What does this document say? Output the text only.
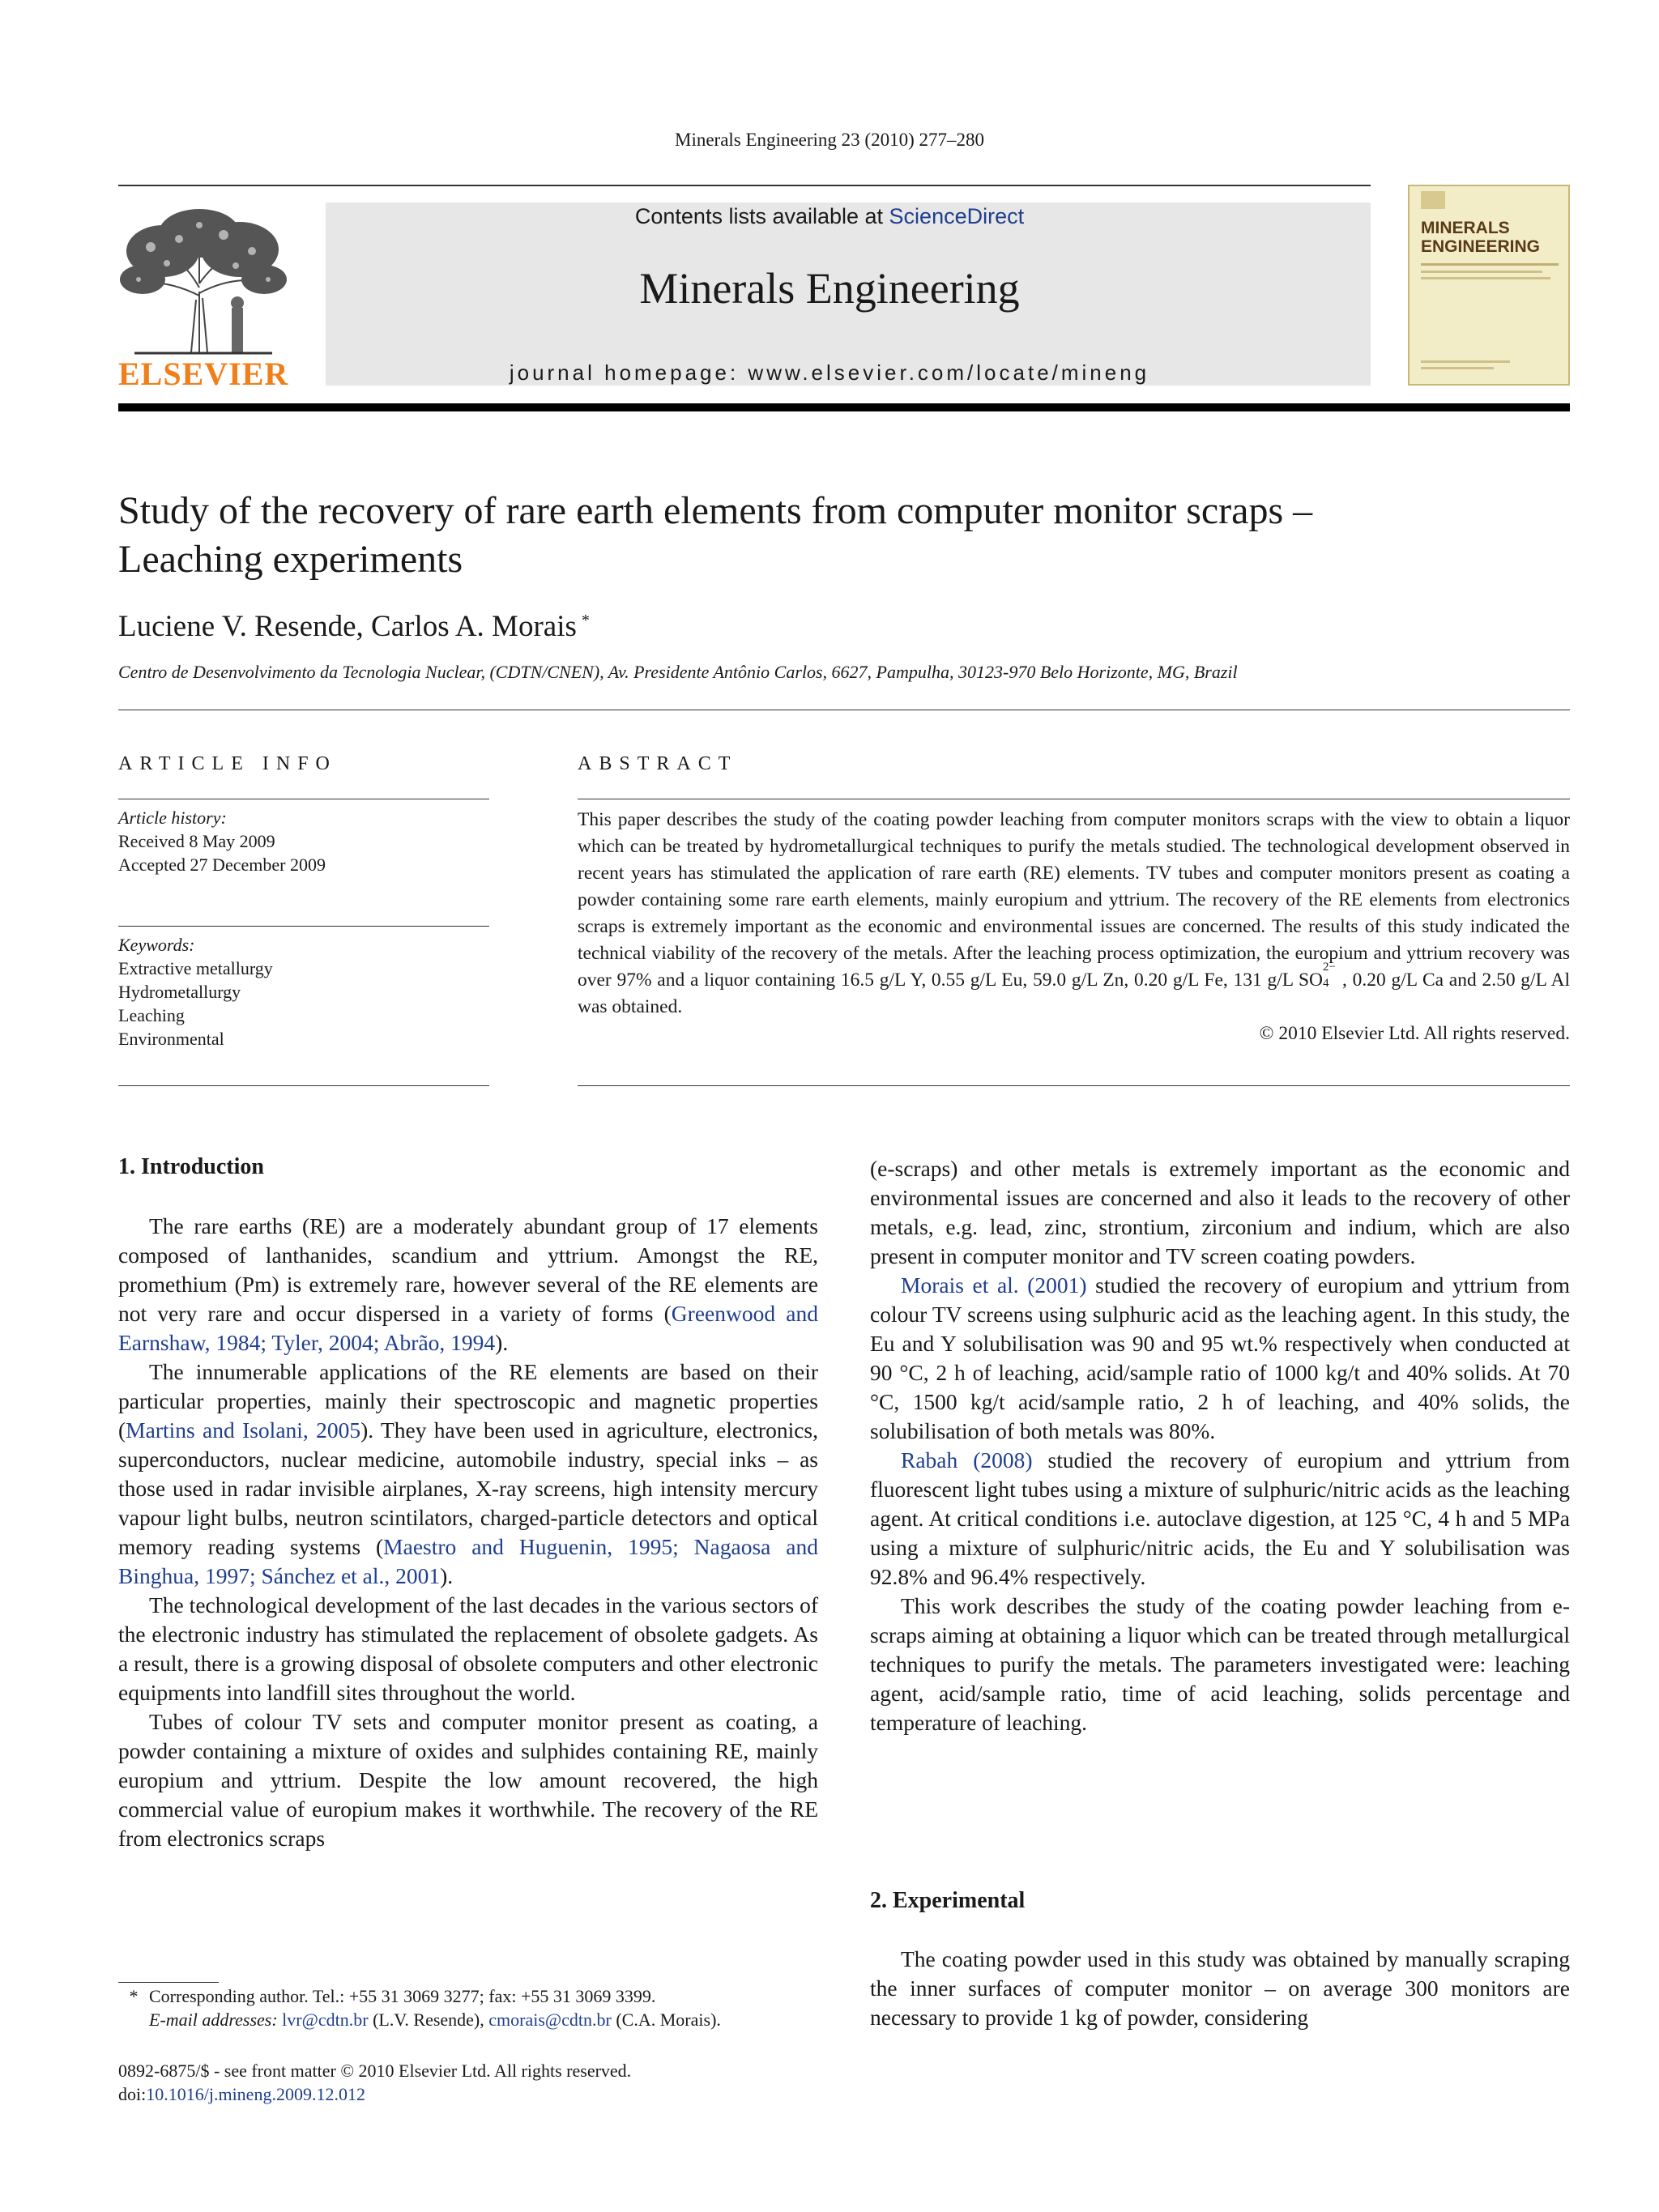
Minerals Engineering 23 (2010) 277–280
ELSEVIER
Contents lists available at ScienceDirect
Minerals Engineering
journal homepage: www.elsevier.com/locate/mineng
MINERALS ENGINEERING
Study of the recovery of rare earth elements from computer monitor scraps –
Leaching experiments
Luciene V. Resende, Carlos A. Morais *
Centro de Desenvolvimento da Tecnologia Nuclear, (CDTN/CNEN), Av. Presidente Antônio Carlos, 6627, Pampulha, 30123-970 Belo Horizonte, MG, Brazil
ARTICLE INFO
Article history:
Received 8 May 2009
Accepted 27 December 2009
Keywords:
Extractive metallurgy
Hydrometallurgy
Leaching
Environmental
ABSTRACT
This paper describes the study of the coating powder leaching from computer monitors scraps with the view to obtain a liquor which can be treated by hydrometallurgical techniques to purify the metals studied. The technological development observed in recent years has stimulated the application of rare earth (RE) elements. TV tubes and computer monitors present as coating a powder containing some rare earth elements, mainly europium and yttrium. The recovery of the RE elements from electronics scraps is extremely important as the economic and environmental issues are concerned. The results of this study indicated the technical viability of the recovery of the metals. After the leaching process optimization, the europium and yttrium recovery was over 97% and a liquor containing 16.5 g/L Y, 0.55 g/L Eu, 59.0 g/L Zn, 0.20 g/L Fe, 131 g/L SO
2−
4 , 0.20 g/L Ca and 2.50 g/L Al was obtained.
© 2010 Elsevier Ltd. All rights reserved.
1. Introduction

The rare earths (RE) are a moderately abundant group of 17 elements composed of lanthanides, scandium and yttrium. Amongst the RE, promethium (Pm) is extremely rare, however several of the RE elements are not very rare and occur dispersed in a variety of forms (Greenwood and Earnshaw, 1984; Tyler, 2004; Abrão, 1994).

The innumerable applications of the RE elements are based on their particular properties, mainly their spectroscopic and magnetic properties (Martins and Isolani, 2005). They have been used in agriculture, electronics, superconductors, nuclear medicine, automobile industry, special inks – as those used in radar invisible airplanes, X-ray screens, high intensity mercury vapour light bulbs, neutron scintilators, charged-particle detectors and optical memory reading systems (Maestro and Huguenin, 1995; Nagaosa and Binghua, 1997; Sánchez et al., 2001).

The technological development of the last decades in the various sectors of the electronic industry has stimulated the replacement of obsolete gadgets. As a result, there is a growing disposal of obsolete computers and other electronic equipments into landfill sites throughout the world.

Tubes of colour TV sets and computer monitor present as coating, a powder containing a mixture of oxides and sulphides containing RE, mainly europium and yttrium. Despite the low amount recovered, the high commercial value of europium makes it worthwhile. The recovery of the RE from electronics scraps

* Corresponding author. Tel.: +55 31 3069 3277; fax: +55 31 3069 3399.
E-mail addresses: lvr@cdtn.br (L.V. Resende), cmorais@cdtn.br (C.A. Morais).
0892-6875/$ - see front matter © 2010 Elsevier Ltd. All rights reserved.
doi:10.1016/j.mineng.2009.12.012

(e-scraps) and other metals is extremely important as the economic and environmental issues are concerned and also it leads to the recovery of other metals, e.g. lead, zinc, strontium, zirconium and indium, which are also present in computer monitor and TV screen coating powders.

Morais et al. (2001) studied the recovery of europium and yttrium from colour TV screens using sulphuric acid as the leaching agent. In this study, the Eu and Y solubilisation was 90 and 95 wt.% respectively when conducted at 90 °C, 2 h of leaching, acid/sample ratio of 1000 kg/t and 40% solids. At 70 °C, 1500 kg/t acid/sample ratio, 2 h of leaching, and 40% solids, the solubilisation of both metals was 80%.

Rabah (2008) studied the recovery of europium and yttrium from fluorescent light tubes using a mixture of sulphuric/nitric acids as the leaching agent. At critical conditions i.e. autoclave digestion, at 125 °C, 4 h and 5 MPa using a mixture of sulphuric/nitric acids, the Eu and Y solubilisation was 92.8% and 96.4% respectively.

This work describes the study of the coating powder leaching from e-scraps aiming at obtaining a liquor which can be treated through metallurgical techniques to purify the metals. The parameters investigated were: leaching agent, acid/sample ratio, time of acid leaching, solids percentage and temperature of leaching.

2. Experimental

The coating powder used in this study was obtained by manually scraping the inner surfaces of computer monitor – on average 300 monitors are necessary to provide 1 kg of powder, considering
